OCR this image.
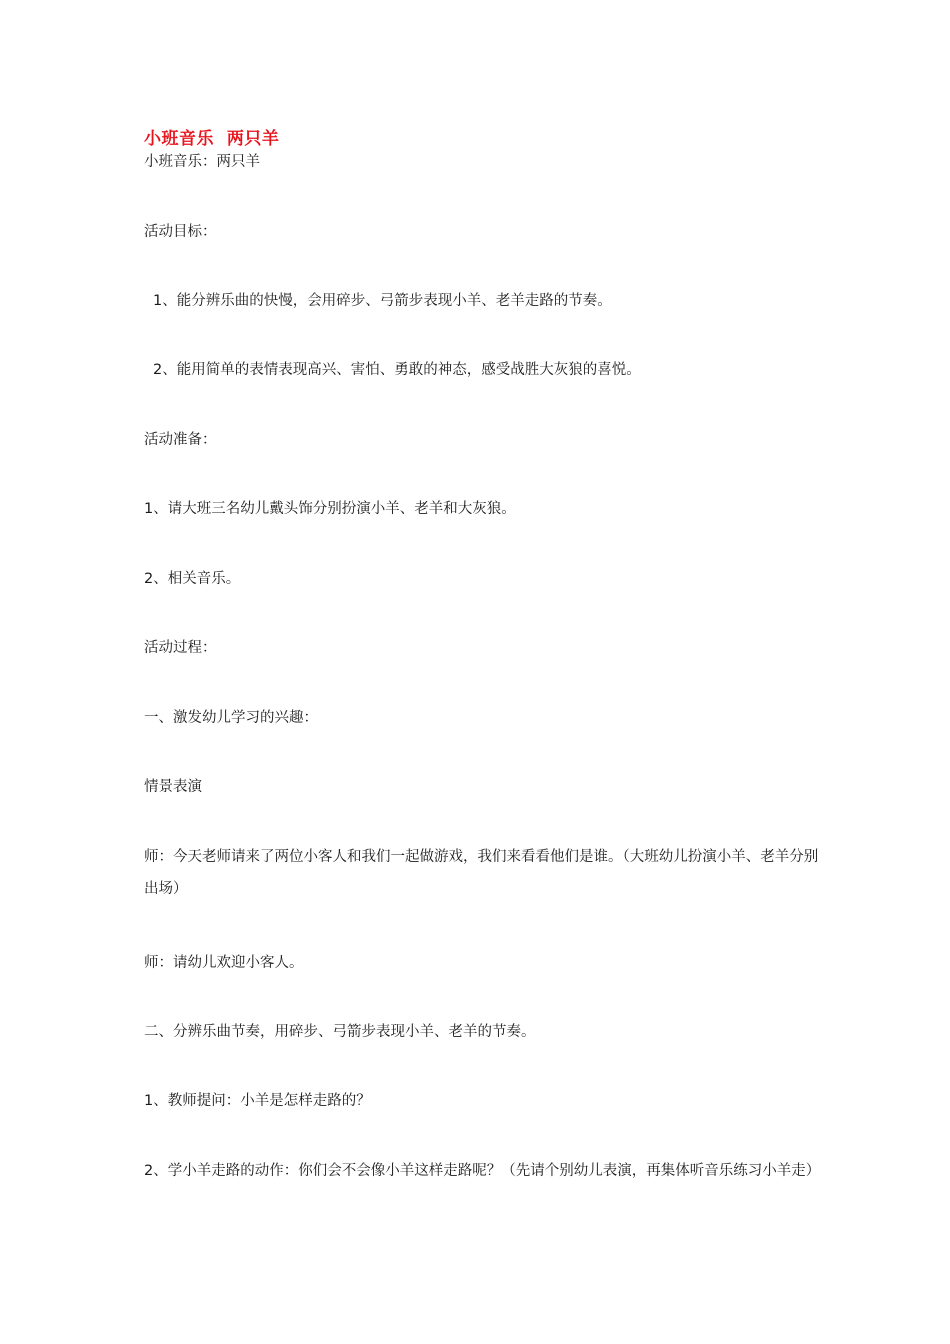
小班音乐  两只羊
小班音乐：两只羊
活动目标：
1、能分辨乐曲的快慢，会用碎步、弓箭步表现小羊、老羊走路的节奏。
2、能用简单的表情表现高兴、害怕、勇敢的神态，感受战胜大灰狼的喜悦。
活动准备：
1、请大班三名幼儿戴头饰分别扮演小羊、老羊和大灰狼。
2、相关音乐。
活动过程：
一、激发幼儿学习的兴趣：
情景表演
师：今天老师请来了两位小客人和我们一起做游戏，我们来看看他们是谁。（大班幼儿扮演小羊、老羊分别出场）
师：请幼儿欢迎小客人。
二、分辨乐曲节奏，用碎步、弓箭步表现小羊、老羊的节奏。
1、教师提问：小羊是怎样走路的？
2、学小羊走路的动作：你们会不会像小羊这样走路呢？（先请个别幼儿表演，再集体听音乐练习小羊走）
